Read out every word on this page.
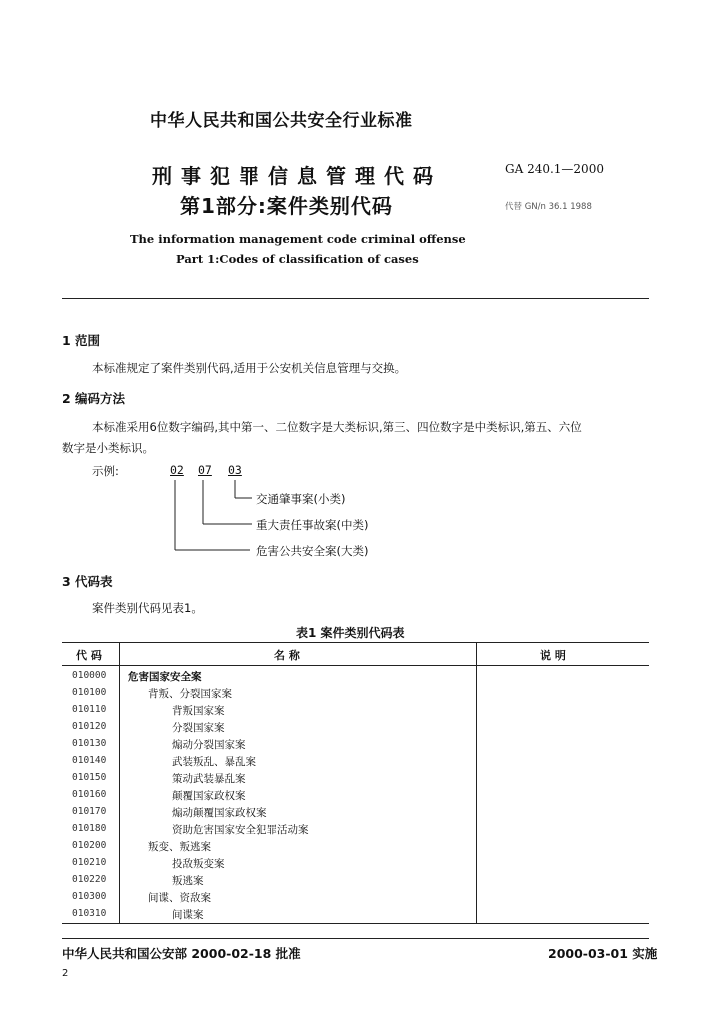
中华人民共和国公共安全行业标准
刑事犯罪信息管理代码
第1部分:案件类别代码
GA 240.1—2000
代替 GN/n 36.1 1988
The information management code criminal offense
Part 1:Codes of classification of cases
1 范围
本标准规定了案件类别代码,适用于公安机关信息管理与交换。
2 编码方法
本标准采用6位数字编码,其中第一、二位数字是大类标识,第三、四位数字是中类标识,第五、六位
数字是小类标识。
示例:	02 07 03
交通肇事案(小类)
重大责任事故案(中类)
危害公共安全案(大类)
3 代码表
案件类别代码见表1。
表1 案件类别代码表
代 码	名 称	说 明
010000 危害国家安全案
010100	背叛、分裂国家案
010110	背叛国家案
010120	分裂国家案
010130	煽动分裂国家案
010140	武装叛乱、暴乱案
010150	策动武装暴乱案
010160	颠覆国家政权案
010170	煽动颠覆国家政权案
010180	资助危害国家安全犯罪活动案
010200	叛变、叛逃案
010210	投敌叛变案
010220	叛逃案
010300	间谍、资敌案
010310	间谍案
中华人民共和国公安部 2000-02-18 批准	2000-03-01 实施
2
